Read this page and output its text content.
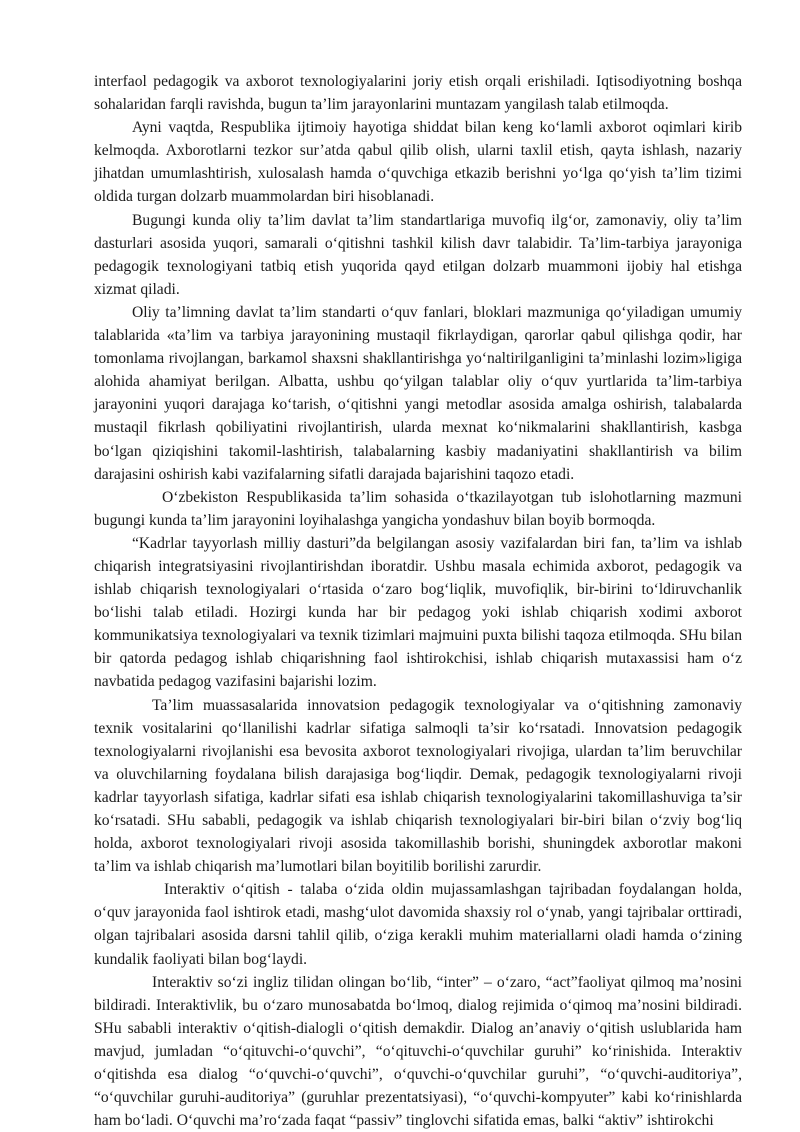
interfaol pedagogik va axborot texnologiyalarini joriy etish orqali erishiladi. Iqtisodiyotning boshqa sohalaridan farqli ravishda, bugun ta’lim jarayonlarini muntazam yangilash talab etilmoqda.

Ayni vaqtda, Respublika ijtimoiy hayotiga shiddat bilan keng ko‘lamli axborot oqimlari kirib kelmoqda. Axborotlarni tezkor sur’atda qabul qilib olish, ularni taxlil etish, qayta ishlash, nazariy jihatdan umumlashtirish, xulosalash hamda o‘quvchiga etkazib berishni yo‘lga qo‘yish ta’lim tizimi oldida turgan dolzarb muammolardan biri hisoblanadi.

Bugungi kunda oliy ta’lim davlat ta’lim standartlariga muvofiq ilg‘or, zamonaviy, oliy ta’lim dasturlari asosida yuqori, samarali o‘qitishni tashkil kilish davr talabidir. Ta’lim-tarbiya jarayoniga pedagogik texnologiyani tatbiq etish yuqorida qayd etilgan dolzarb muammoni ijobiy hal etishga xizmat qiladi.

Oliy ta’limning davlat ta’lim standarti o‘quv fanlari, bloklari mazmuniga qo‘yiladigan umumiy talablarida «ta’lim va tarbiya jarayonining mustaqil fikrlaydigan, qarorlar qabul qilishga qodir, har tomonlama rivojlangan, barkamol shaxsni shakllantirishga yo‘naltirilganligini ta’minlashi lozim»ligiga alohida ahamiyat berilgan. Albatta, ushbu qo‘yilgan talablar oliy o‘quv yurtlarida ta’lim-tarbiya jarayonini yuqori darajaga ko‘tarish, o‘qitishni yangi metodlar asosida amalga oshirish, talabalarda mustaqil fikrlash qobiliyatini rivojlantirish, ularda mexnat ko‘nikmalarini shakllantirish, kasbga bo‘lgan qiziqishini takomil-lashtirish, talabalarning kasbiy madaniyatini shakllantirish va bilim darajasini oshirish kabi vazifalarning sifatli darajada bajarishini taqozo etadi.

O‘zbekiston Respublikasida ta’lim sohasida o‘tkazilayotgan tub islohotlarning mazmuni bugungi kunda ta’lim jarayonini loyihalashga yangicha yondashuv bilan boyib bormoqda.

“Kadrlar tayyorlash milliy dasturi”da belgilangan asosiy vazifalardan biri fan, ta’lim va ishlab chiqarish integratsiyasini rivojlantirishdan iboratdir. Ushbu masala echimida axborot, pedagogik va ishlab chiqarish texnologiyalari o‘rtasida o‘zaro bog‘liqlik, muvofiqlik, bir-birini to‘ldiruvchanlik bo‘lishi talab etiladi. Hozirgi kunda har bir pedagog yoki ishlab chiqarish xodimi axborot kommunikatsiya texnologiyalari va texnik tizimlari majmuini puxta bilishi taqoza etilmoqda. SHu bilan bir qatorda pedagog ishlab chiqarishning faol ishtirokchisi, ishlab chiqarish mutaxassisi ham o‘z navbatida pedagog vazifasini bajarishi lozim.

Ta’lim muassasalarida innovatsion pedagogik texnologiyalar va o‘qitishning zamonaviy texnik vositalarini qo‘llanilishi kadrlar sifatiga salmoqli ta’sir ko‘rsatadi. Innovatsion pedagogik texnologiyalarni rivojlanishi esa bevosita axborot texnologiyalari rivojiga, ulardan ta’lim beruvchilar va oluvchilarning foydalana bilish darajasiga bog‘liqdir. Demak, pedagogik texnologiyalarni rivoji kadrlar tayyorlash sifatiga, kadrlar sifati esa ishlab chiqarish texnologiyalarini takomillashuviga ta’sir ko‘rsatadi. SHu sababli, pedagogik va ishlab chiqarish texnologiyalari bir-biri bilan o‘zviy bog‘liq holda, axborot texnologiyalari rivoji asosida takomillashib borishi, shuningdek axborotlar makoni ta’lim va ishlab chiqarish ma’lumotlari bilan boyitilib borilishi zarurdir.

Interaktiv o‘qitish - talaba o‘zida oldin mujassamlashgan tajribadan foydalangan holda, o‘quv jarayonida faol ishtirok etadi, mashg‘ulot davomida shaxsiy rol o‘ynab, yangi tajribalar orttiradi, olgan tajribalari asosida darsni tahlil qilib, o‘ziga kerakli muhim materiallarni oladi hamda o‘zining kundalik faoliyati bilan bog‘laydi.

Interaktiv so‘zi ingliz tilidan olingan bo‘lib, “inter” – o‘zaro, “act”faoliyat qilmoq ma’nosini bildiradi. Interaktivlik, bu o‘zaro munosabatda bo‘lmoq, dialog rejimida o‘qimoq ma’nosini bildiradi. SHu sababli interaktiv o‘qitish-dialogli o‘qitish demakdir. Dialog an’anaviy o‘qitish uslublarida ham mavjud, jumladan “o‘qituvchi-o‘quvchi”, “o‘qituvchi-o‘quvchilar guruhi” ko‘rinishida. Interaktiv o‘qitishda esa dialog “o‘quvchi-o‘quvchi”, o‘quvchi-o‘quvchilar guruhi”, “o‘quvchi-auditoriya”, “o‘quvchilar guruhi-auditoriya” (guruhlar prezentatsiyasi), “o‘quvchi-kompyuter” kabi ko‘rinishlarda ham bo‘ladi. O‘quvchi ma’ro‘zada faqat “passiv” tinglovchi sifatida emas, balki “aktiv” ishtirokchi
